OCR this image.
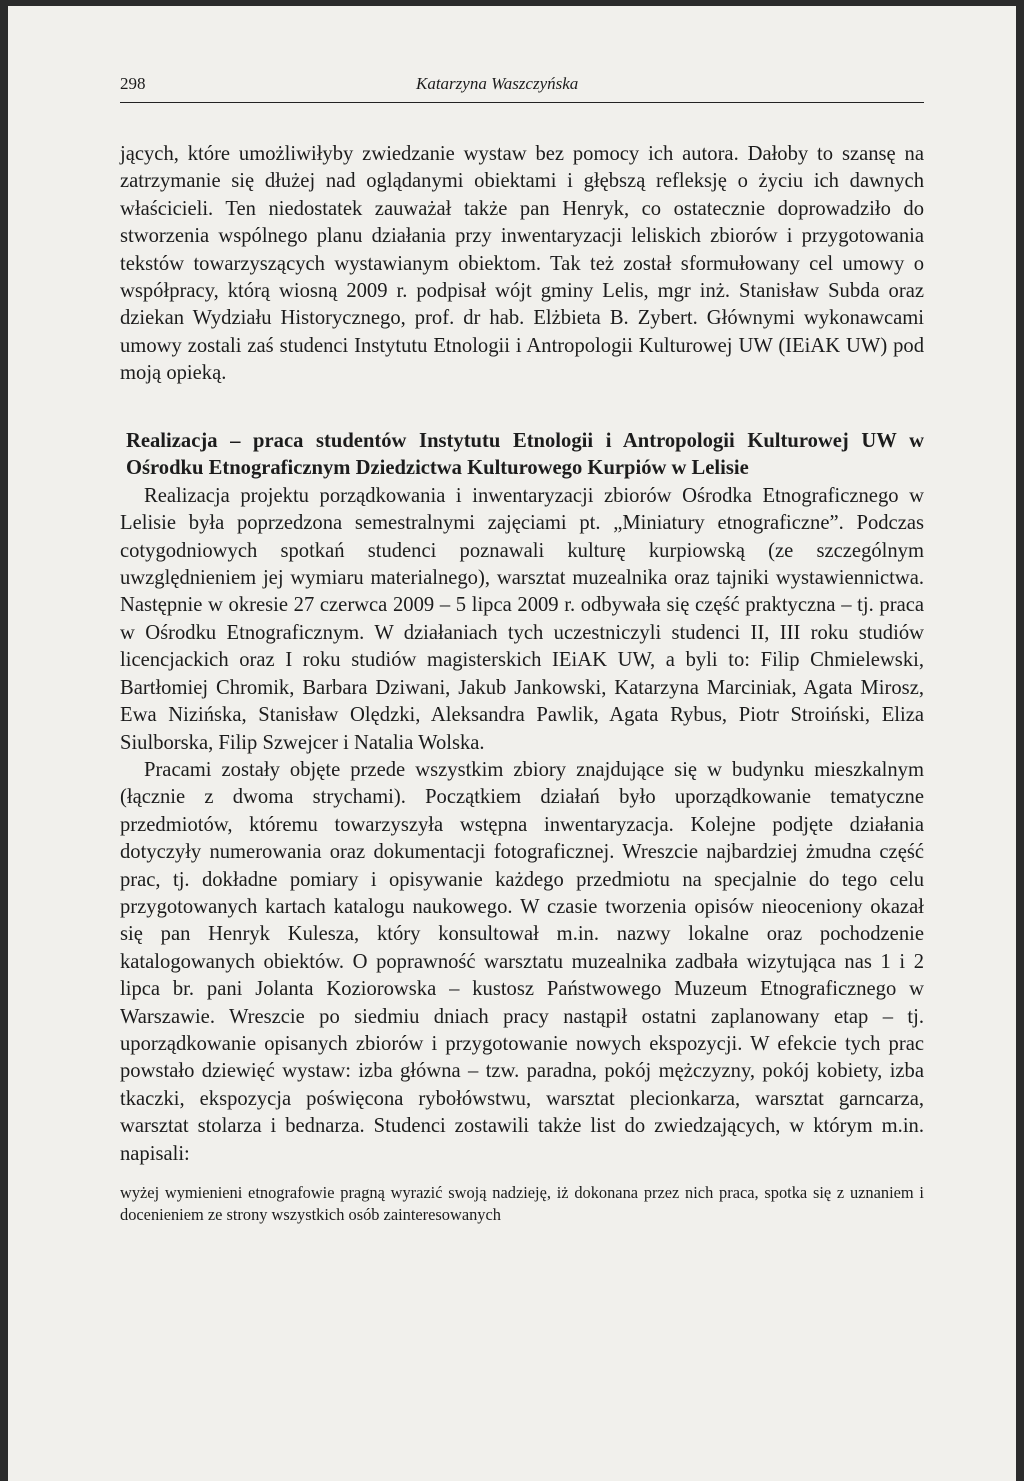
298	Katarzyna Waszczyńska

jących, które umożliwiłyby zwiedzanie wystaw bez pomocy ich autora. Dałoby to szansę na zatrzymanie się dłużej nad oglądanymi obiektami i głębszą refleksję o życiu ich dawnych właścicieli. Ten niedostatek zauważał także pan Henryk, co ostatecznie doprowadziło do stworzenia wspólnego planu działania przy inwentaryzacji leliskich zbiorów i przygotowania tekstów towarzyszących wystawianym obiektom. Tak też został sformułowany cel umowy o współpracy, którą wiosną 2009 r. podpisał wójt gminy Lelis, mgr inż. Stanisław Subda oraz dziekan Wydziału Historycznego, prof. dr hab. Elżbieta B. Zybert. Głównymi wykonawcami umowy zostali zaś studenci Instytutu Etnologii i Antropologii Kulturowej UW (IEiAK UW) pod moją opieką.

Realizacja – praca studentów Instytutu Etnologii i Antropologii Kulturowej UW w Ośrodku Etnograficznym Dziedzictwa Kulturowego Kurpiów w Lelisie

Realizacja projektu porządkowania i inwentaryzacji zbiorów Ośrodka Etnograficznego w Lelisie była poprzedzona semestralnymi zajęciami pt. „Miniatury etnograficzne”. Podczas cotygodniowych spotkań studenci poznawali kulturę kurpiowską (ze szczególnym uwzględnieniem jej wymiaru materialnego), warsztat muzealnika oraz tajniki wystawiennictwa. Następnie w okresie 27 czerwca 2009 – 5 lipca 2009 r. odbywała się część praktyczna – tj. praca w Ośrodku Etnograficznym. W działaniach tych uczestniczyli studenci II, III roku studiów licencjackich oraz I roku studiów magisterskich IEiAK UW, a byli to: Filip Chmielewski, Bartłomiej Chromik, Barbara Dziwani, Jakub Jankowski, Katarzyna Marciniak, Agata Mirosz, Ewa Nizińska, Stanisław Olędzki, Aleksandra Pawlik, Agata Rybus, Piotr Stroiński, Eliza Siulborska, Filip Szwejcer i Natalia Wolska.

Pracami zostały objęte przede wszystkim zbiory znajdujące się w budynku mieszkalnym (łącznie z dwoma strychami). Początkiem działań było uporządkowanie tematyczne przedmiotów, któremu towarzyszyła wstępna inwentaryzacja. Kolejne podjęte działania dotyczyły numerowania oraz dokumentacji fotograficznej. Wreszcie najbardziej żmudna część prac, tj. dokładne pomiary i opisywanie każdego przedmiotu na specjalnie do tego celu przygotowanych kartach katalogu naukowego. W czasie tworzenia opisów nieoceniony okazał się pan Henryk Kulesza, który konsultował m.in. nazwy lokalne oraz pochodzenie katalogowanych obiektów. O poprawność warsztatu muzealnika zadbała wizytująca nas 1 i 2 lipca br. pani Jolanta Koziorowska – kustosz Państwowego Muzeum Etnograficznego w Warszawie. Wreszcie po siedmiu dniach pracy nastąpił ostatni zaplanowany etap – tj. uporządkowanie opisanych zbiorów i przygotowanie nowych ekspozycji. W efekcie tych prac powstało dziewięć wystaw: izba główna – tzw. paradna, pokój mężczyzny, pokój kobiety, izba tkaczki, ekspozycja poświęcona rybołówstwu, warsztat plecionkarza, warsztat garncarza, warsztat stolarza i bednarza. Studenci zostawili także list do zwiedzających, w którym m.in. napisali:

wyżej wymienieni etnografowie pragną wyrazić swoją nadzieję, iż dokonana przez nich praca, spotka się z uznaniem i docenieniem ze strony wszystkich osób zainteresowanych
